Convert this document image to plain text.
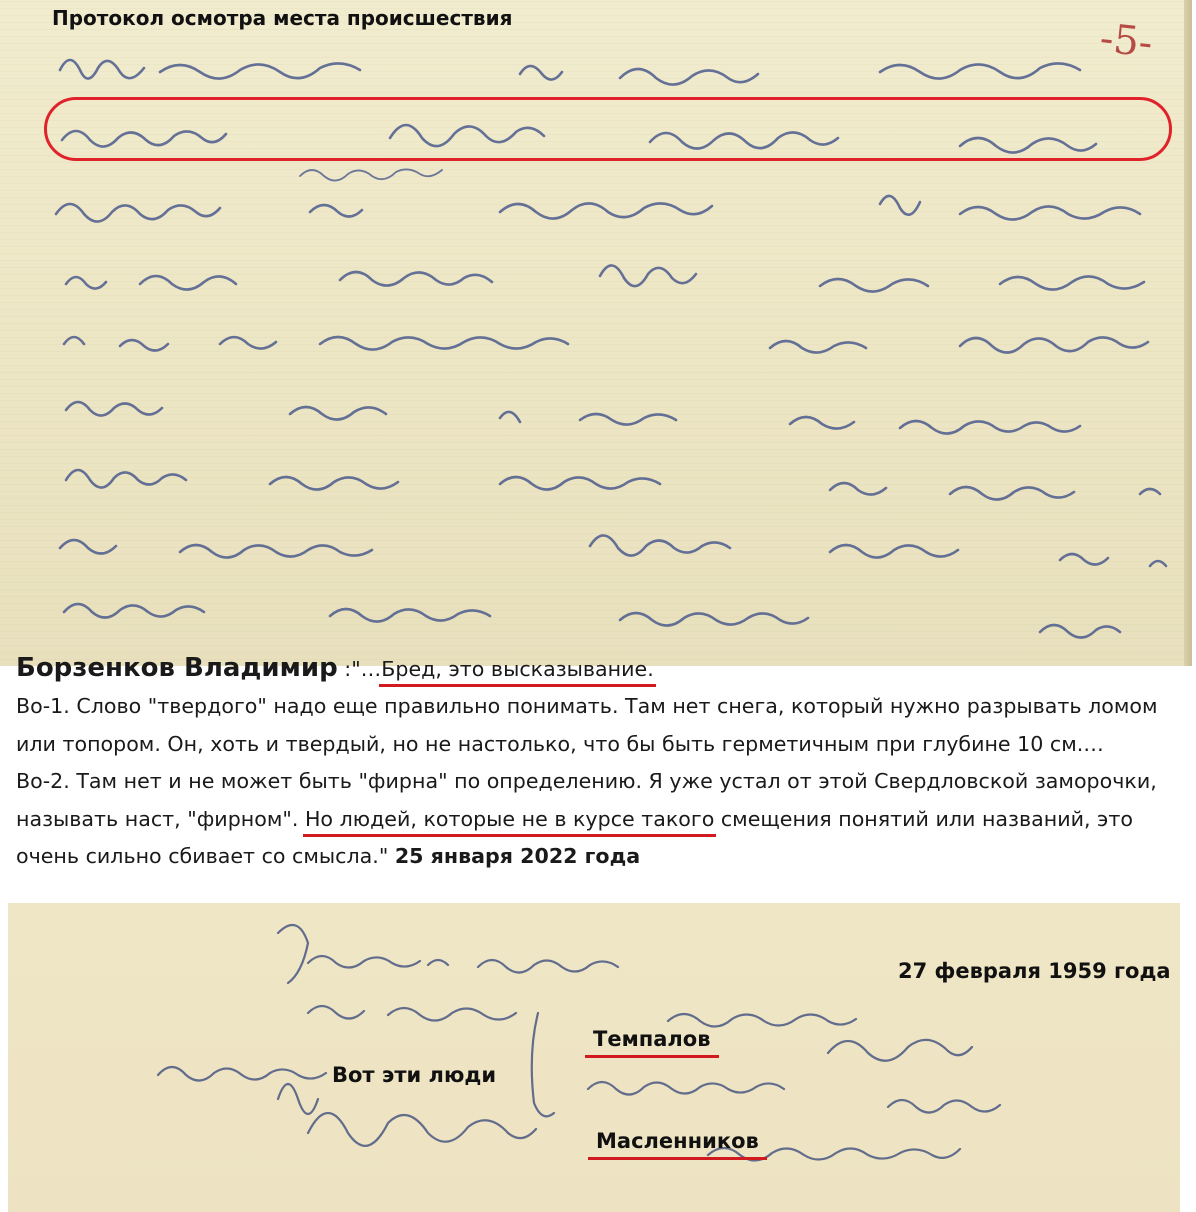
Протокол осмотра места происшествия	-5-
Борзенков Владимир :"…Бред, это высказывание.
Во-1. Слово "твердого" надо еще правильно понимать. Там нет снега, который нужно разрывать ломом или топором. Он, хоть и твердый, но не настолько, что бы быть герметичным при глубине 10 см.…
Во-2. Там нет и не может быть "фирна" по определению. Я уже устал от этой Свердловской заморочки, называть наст, "фирном". Но людей, которые не в курсе такого смещения понятий или названий, это очень сильно сбивает со смысла." 25 января 2022 года
27 февраля 1959 года
Темпалов
Вот эти люди
Масленников
